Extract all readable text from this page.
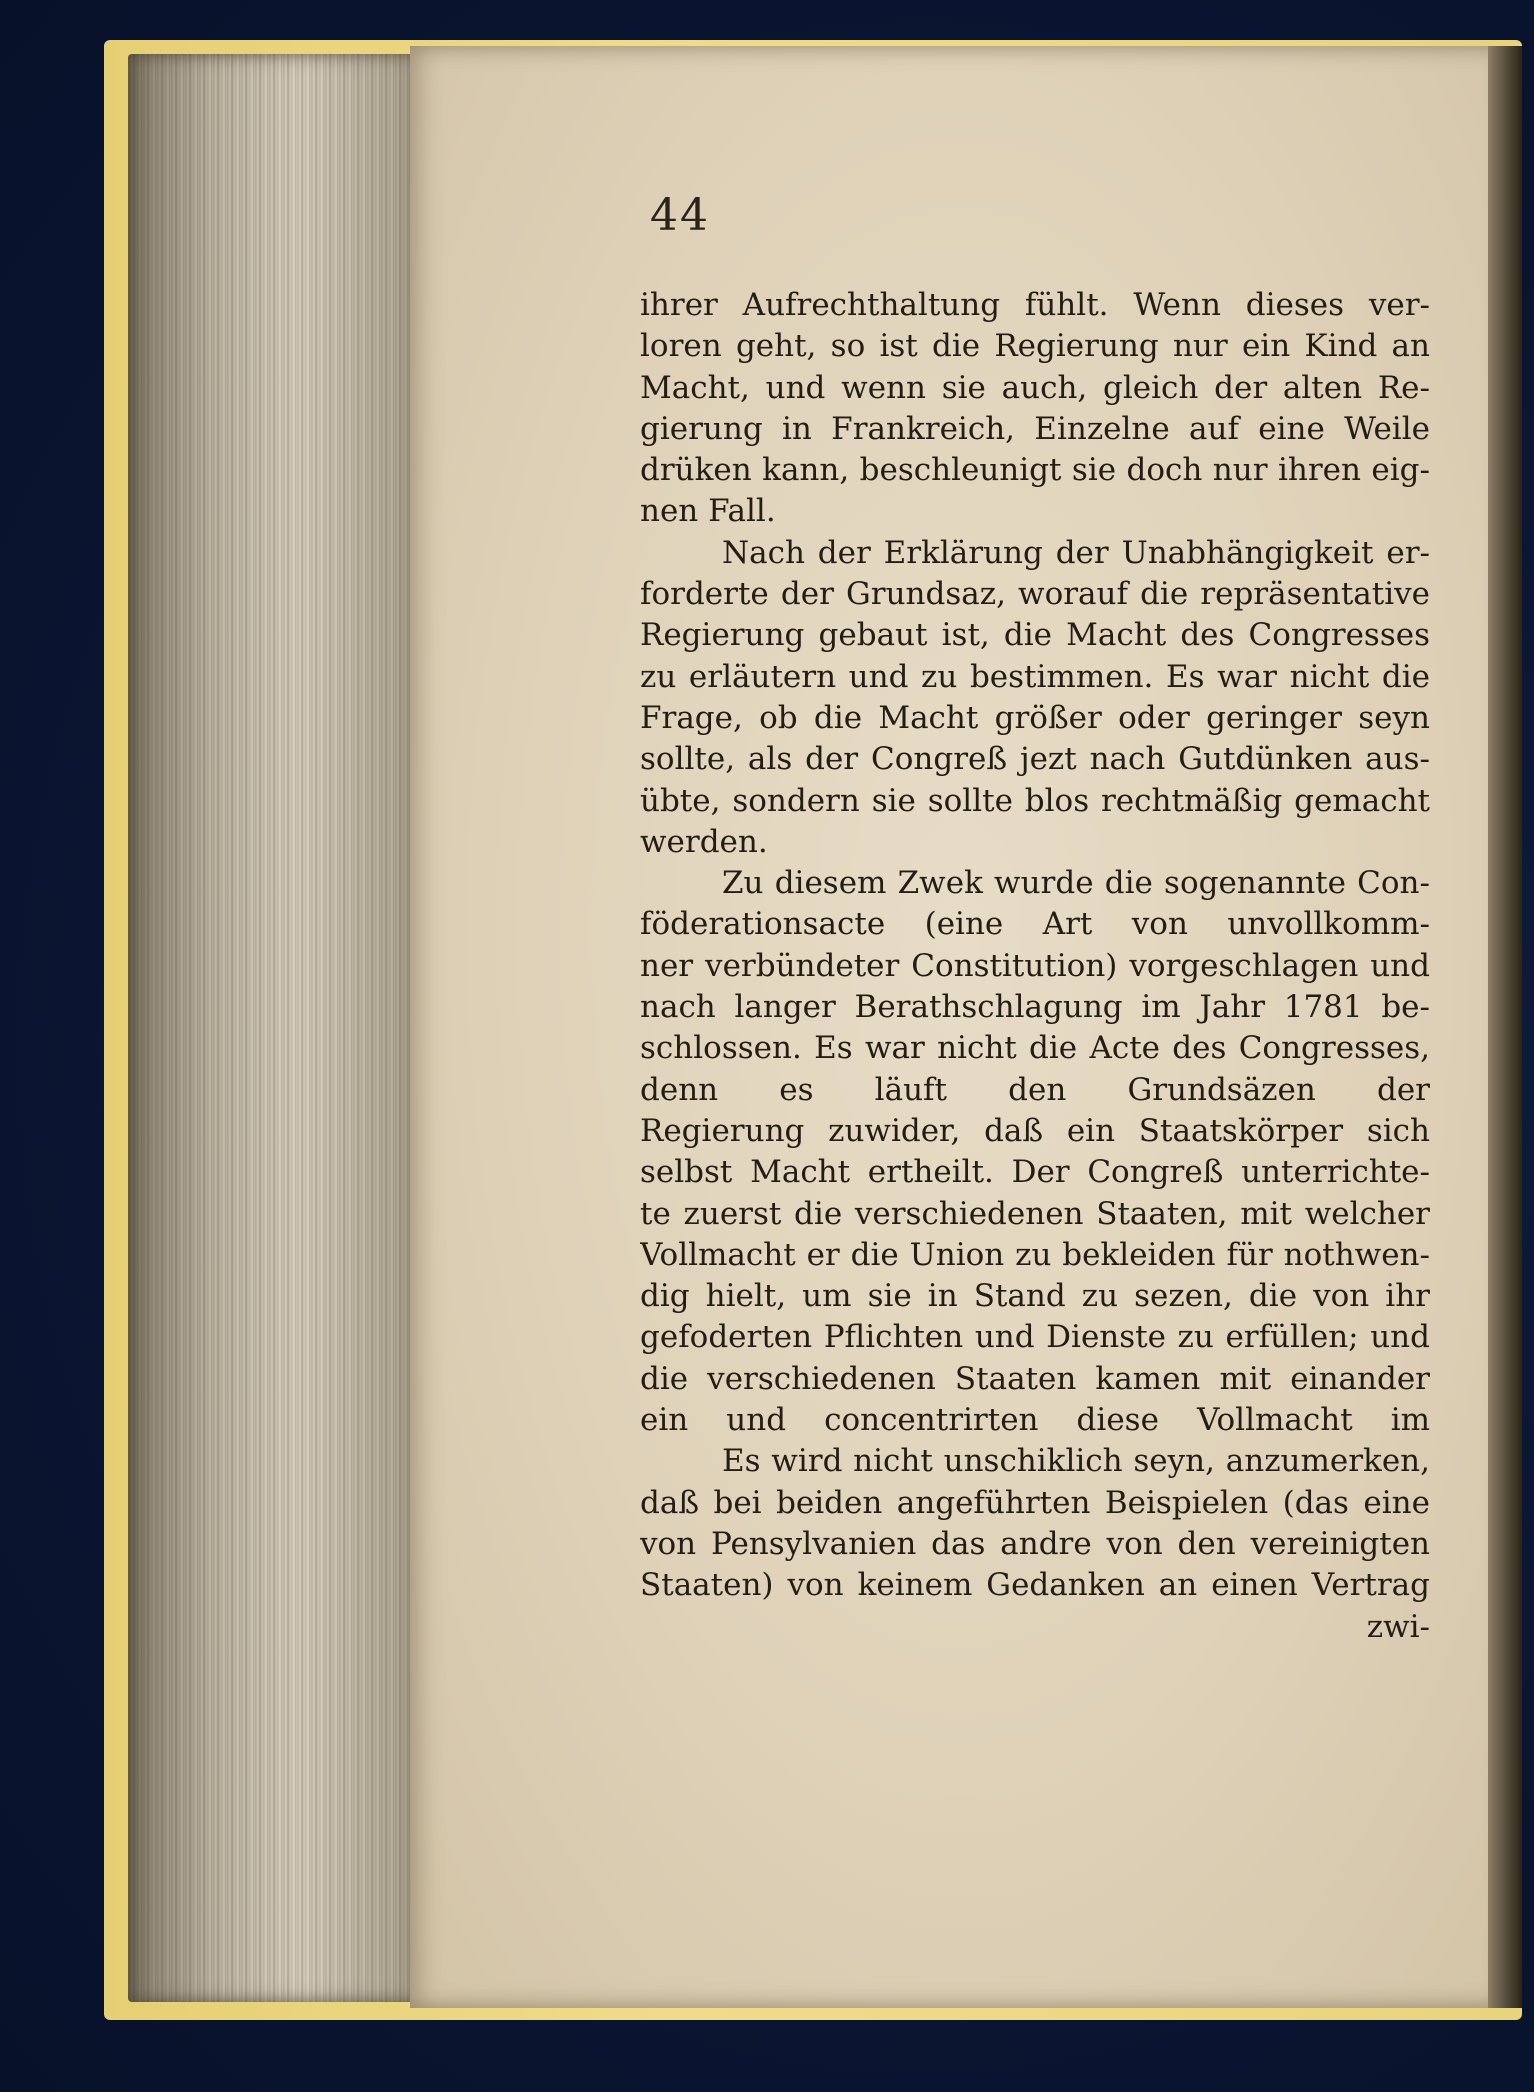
44
ihrer Aufrechthaltung fühlt. Wenn dieses ver-
loren geht, so ist die Regierung nur ein Kind an
Macht, und wenn sie auch, gleich der alten Re-
gierung in Frankreich, Einzelne auf eine Weile
drüken kann, beschleunigt sie doch nur ihren eig-
nen Fall.
Nach der Erklärung der Unabhängigkeit er-
forderte der Grundsaz, worauf die repräsentative
Regierung gebaut ist, die Macht des Congresses
zu erläutern und zu bestimmen. Es war nicht die
Frage, ob die Macht größer oder geringer seyn
sollte, als der Congreß jezt nach Gutdünken aus-
übte, sondern sie sollte blos rechtmäßig gemacht
werden.
Zu diesem Zwek wurde die sogenannte Con-
föderationsacte (eine Art von unvollkomm-
ner verbündeter Constitution) vorgeschlagen und
nach langer Berathschlagung im Jahr 1781 be-
schlossen. Es war nicht die Acte des Congresses,
denn es läuft den Grundsäzen der
Regierung zuwider, daß ein Staatskörper sich
selbst Macht ertheilt. Der Congreß unterrichte-
te zuerst die verschiedenen Staaten, mit welcher
Vollmacht er die Union zu bekleiden für nothwen-
dig hielt, um sie in Stand zu sezen, die von ihr
gefoderten Pflichten und Dienste zu erfüllen; und
die verschiedenen Staaten kamen mit einander
ein und concentrirten diese Vollmacht im
Es wird nicht unschiklich seyn, anzumerken,
daß bei beiden angeführten Beispielen (das eine
von Pensylvanien das andre von den vereinigten
Staaten) von keinem Gedanken an einen Vertrag
zwi-
